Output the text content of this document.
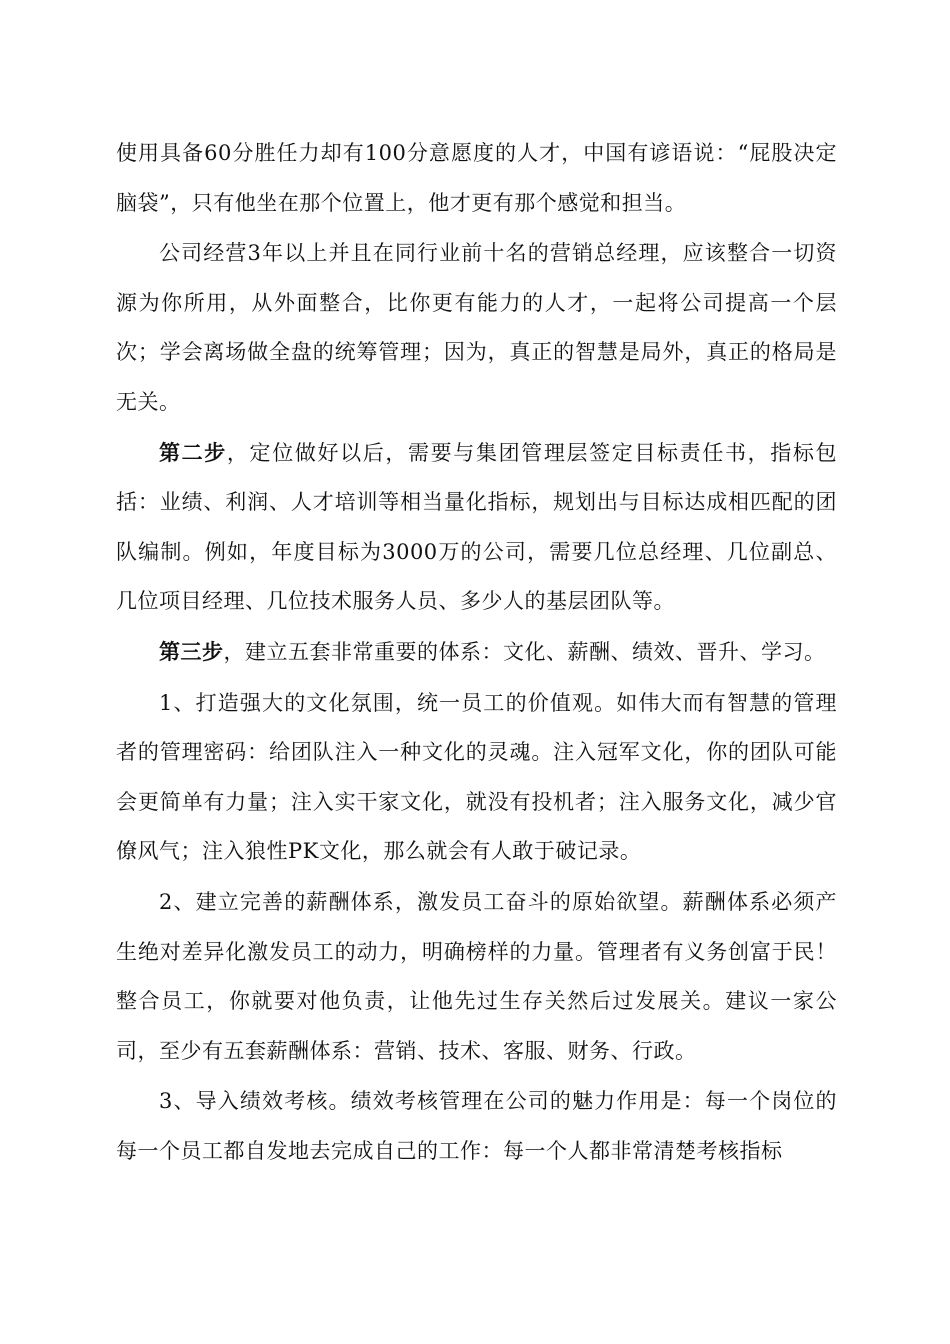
使用具备60分胜任力却有100分意愿度的人才，中国有谚语说：“屁股决定脑袋”，只有他坐在那个位置上，他才更有那个感觉和担当。

公司经营3年以上并且在同行业前十名的营销总经理，应该整合一切资源为你所用，从外面整合，比你更有能力的人才，一起将公司提高一个层次；学会离场做全盘的统筹管理；因为，真正的智慧是局外，真正的格局是无关。

第二步，定位做好以后，需要与集团管理层签定目标责任书，指标包括：业绩、利润、人才培训等相当量化指标，规划出与目标达成相匹配的团队编制。例如，年度目标为3000万的公司，需要几位总经理、几位副总、几位项目经理、几位技术服务人员、多少人的基层团队等。

第三步，建立五套非常重要的体系：文化、薪酬、绩效、晋升、学习。

1、打造强大的文化氛围，统一员工的价值观。如伟大而有智慧的管理者的管理密码：给团队注入一种文化的灵魂。注入冠军文化，你的团队可能会更简单有力量；注入实干家文化，就没有投机者；注入服务文化，减少官僚风气；注入狼性PK文化，那么就会有人敢于破记录。

2、建立完善的薪酬体系，激发员工奋斗的原始欲望。薪酬体系必须产生绝对差异化激发员工的动力，明确榜样的力量。管理者有义务创富于民！整合员工，你就要对他负责，让他先过生存关然后过发展关。建议一家公司，至少有五套薪酬体系：营销、技术、客服、财务、行政。

3、导入绩效考核。绩效考核管理在公司的魅力作用是：每一个岗位的每一个员工都自发地去完成自己的工作：每一个人都非常清楚考核指标
